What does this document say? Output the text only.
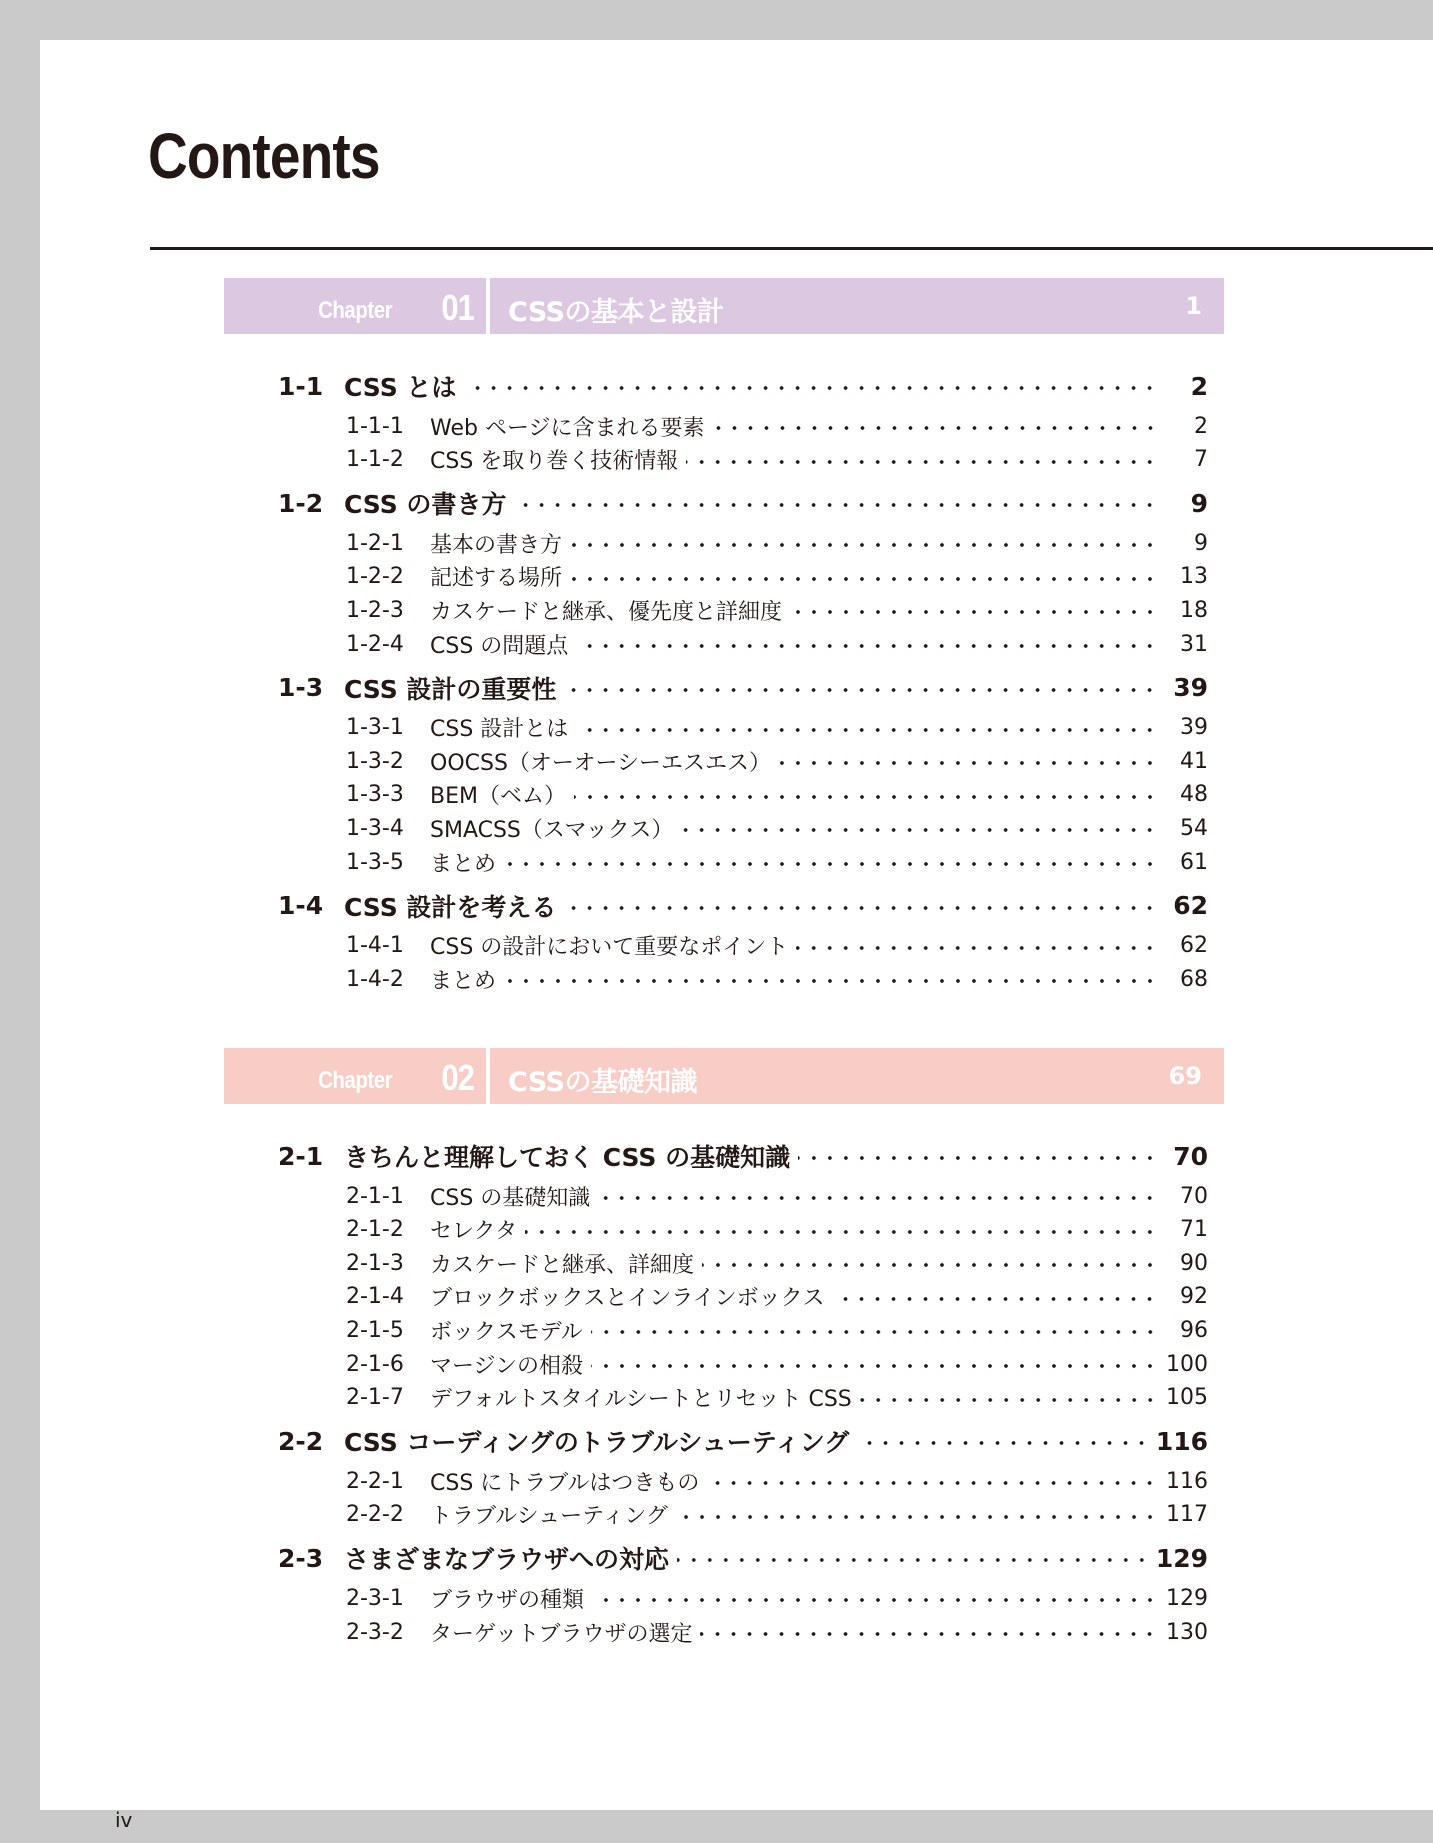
Contents
Chapter 01 CSSの基本と設計	1
1-1 CSS とは	2
1-1-1	Web ページに含まれる要素	2
1-1-2	CSS を取り巻く技術情報	7
1-2 CSS の書き方	9
1-2-1	基本の書き方	9
1-2-2	記述する場所	13
1-2-3	カスケードと継承、優先度と詳細度	18
1-2-4	CSS の問題点	31
1-3 CSS 設計の重要性	39
1-3-1	CSS 設計とは	39
1-3-2	OOCSS（オーオーシーエスエス）	41
1-3-3	BEM（ベム）	48
1-3-4	SMACSS（スマックス）	54
1-3-5	まとめ	61
1-4 CSS 設計を考える	62
1-4-1	CSS の設計において重要なポイント	62
1-4-2	まとめ	68
Chapter 02 CSSの基礎知識	69
2-1 きちんと理解しておく CSS の基礎知識	70
2-1-1	CSS の基礎知識	70
2-1-2	セレクタ	71
2-1-3	カスケードと継承、詳細度	90
2-1-4	ブロックボックスとインラインボックス	92
2-1-5	ボックスモデル	96
2-1-6	マージンの相殺	100
2-1-7	デフォルトスタイルシートとリセット CSS	105
2-2 CSS コーディングのトラブルシューティング	116
2-2-1	CSS にトラブルはつきもの	116
2-2-2	トラブルシューティング	117
2-3 さまざまなブラウザへの対応	129
2-3-1	ブラウザの種類	129
2-3-2	ターゲットブラウザの選定	130
iv
